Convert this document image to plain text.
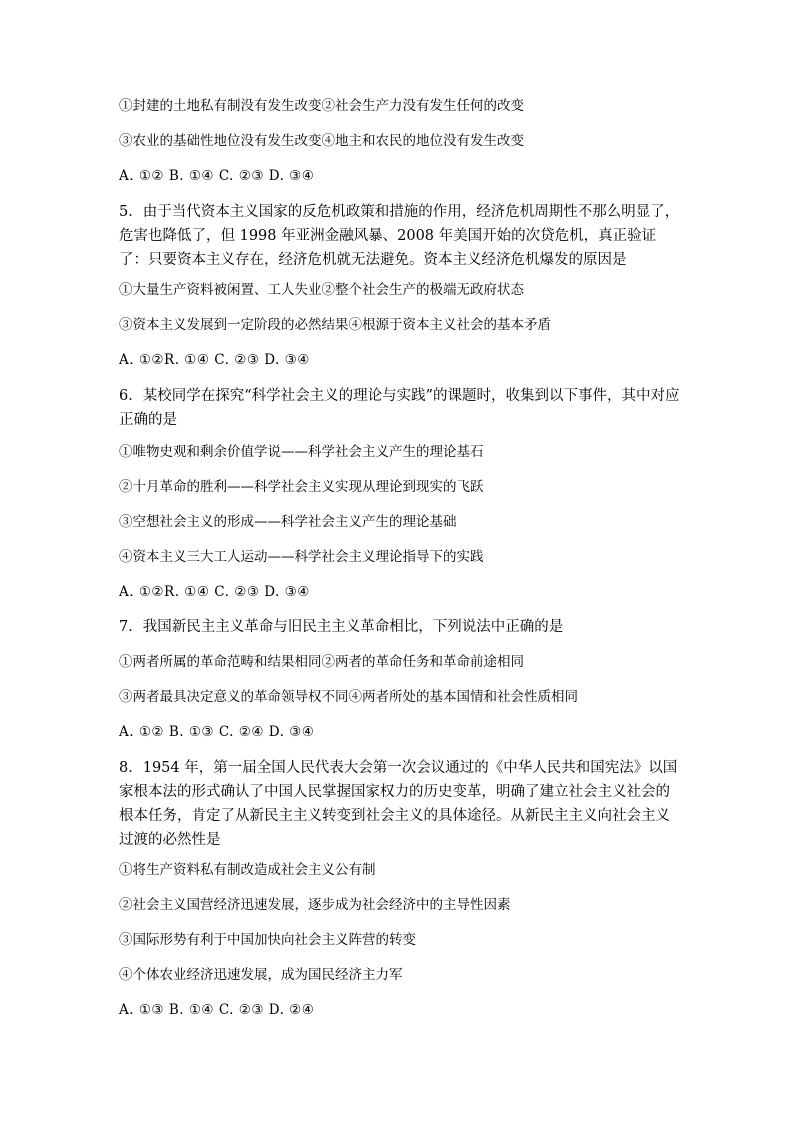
①封建的土地私有制没有发生改变②社会生产力没有发生任何的改变
③农业的基础性地位没有发生改变④地主和农民的地位没有发生改变
A. ①② B. ①④ C. ②③ D. ③④
5．由于当代资本主义国家的反危机政策和措施的作用，经济危机周期性不那么明显了，危害也降低了，但 1998 年亚洲金融风暴、2008 年美国开始的次贷危机，真正验证了：只要资本主义存在，经济危机就无法避免。资本主义经济危机爆发的原因是
①大量生产资料被闲置、工人失业②整个社会生产的极端无政府状态
③资本主义发展到一定阶段的必然结果④根源于资本主义社会的基本矛盾
A. ①②R. ①④ C. ②③ D. ③④
6．某校同学在探究“科学社会主义的理论与实践”的课题时，收集到以下事件，其中对应正确的是
①唯物史观和剩余价值学说——科学社会主义产生的理论基石
②十月革命的胜利——科学社会主义实现从理论到现实的飞跃
③空想社会主义的形成——科学社会主义产生的理论基础
④资本主义三大工人运动——科学社会主义理论指导下的实践
A. ①②R. ①④ C. ②③ D. ③④
7．我国新民主主义革命与旧民主主义革命相比，下列说法中正确的是
①两者所属的革命范畴和结果相同②两者的革命任务和革命前途相同
③两者最具决定意义的革命领导权不同④两者所处的基本国情和社会性质相同
A. ①② B. ①③ C. ②④ D. ③④
8．1954 年，第一届全国人民代表大会第一次会议通过的《中华人民共和国宪法》以国家根本法的形式确认了中国人民掌握国家权力的历史变革，明确了建立社会主义社会的根本任务，肯定了从新民主主义转变到社会主义的具体途径。从新民主主义向社会主义过渡的必然性是
①将生产资料私有制改造成社会主义公有制
②社会主义国营经济迅速发展，逐步成为社会经济中的主导性因素
③国际形势有利于中国加快向社会主义阵营的转变
④个体农业经济迅速发展，成为国民经济主力军
A. ①③ B. ①④ C. ②③ D. ②④
